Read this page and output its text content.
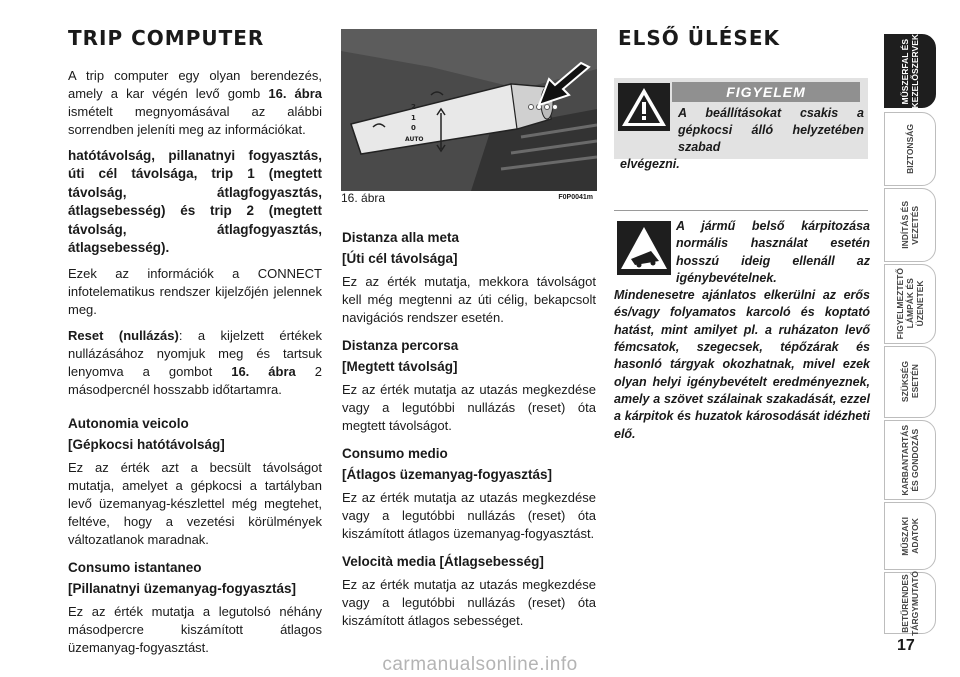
TRIP COMPUTER	ELSŐ ÜLÉSEK

A trip computer egy olyan berendezés, amely a kar végén levő gomb 16. ábra ismételt megnyomásával az alábbi sorrendben jeleníti meg az információkat.

hatótávolság, pillanatnyi fogyasztás, úti cél távolsága, trip 1 (megtett távolság, átlagfogyasztás, átlagsebesség) és trip 2 (megtett távolság, átlagfogyasztás, átlagsebesség).

Ezek az információk a CONNECT infotelematikus rendszer kijelzőjén jelennek meg.

Reset (nullázás): a kijelzett értékek nullázásához nyomjuk meg és tartsuk lenyomva a gombot 16. ábra 2 másodpercnél hosszabb időtartamra.

Autonomia veicolo
[Gépkocsi hatótávolság]

Ez az érték azt a becsült távolságot mutatja, amelyet a gépkocsi a tartályban levő üzemanyag-készlettel még megtehet, feltéve, hogy a vezetési körülmények változatlanok maradnak.

Consumo istantaneo
[Pillanatnyi üzemanyag-fogyasztás]

Ez az érték mutatja a legutolsó néhány másodpercre kiszámított átlagos üzemanyag-fogyasztást.

2
1
0
AUTO
16. ábra	F0P0041m
Distanza alla meta
[Úti cél távolsága]

Ez az érték mutatja, mekkora távolságot kell még megtenni az úti célig, bekapcsolt navigációs rendszer esetén.

Distanza percorsa
[Megtett távolság]

Ez az érték mutatja az utazás megkezdése vagy a legutóbbi nullázás (reset) óta megtett távolságot.

Consumo medio
[Átlagos üzemanyag-fogyasztás]

Ez az érték mutatja az utazás megkezdése vagy a legutóbbi nullázás (reset) óta kiszámított átlagos üzemanyag-fogyasztást.

Velocità media [Átlagsebesség]

Ez az érték mutatja az utazás megkezdése vagy a legutóbbi nullázás (reset) óta kiszámított átlagos sebességet.

FIGYELEM
A beállításokat csakis a gépkocsi álló helyzetében szabad
elvégezni.
A jármű belső kárpitozása normális használat esetén hosszú ideig ellenáll az igénybevételnek.
Mindenesetre ajánlatos elkerülni az erős és/vagy folyamatos karcoló és koptató hatást, mint amilyet pl. a ruházaton levő fémcsatok, szegecsek, tépőzárak és hasonló tárgyak okozhatnak, mivel ezek olyan helyi igénybevételt eredményeznek, amely a szövet szálainak szakadását, ezzel a kárpitok és huzatok károsodását idézheti elő.
MŰSZERFAL ÉS
KEZELŐSZERVEK
BIZTONSÁG
INDÍTÁS ÉS
VEZETÉS
FIGYELMEZTETŐ
LÁMPÁK ÉS
ÜZENETEK
SZÜKSÉG
ESETÉN
KARBANTARTÁS
ÉS GONDOZÁS
MŰSZAKI
ADATOK
BETŰRENDES
TÁRGYMUTATÓ
17
carmanualsonline.info
